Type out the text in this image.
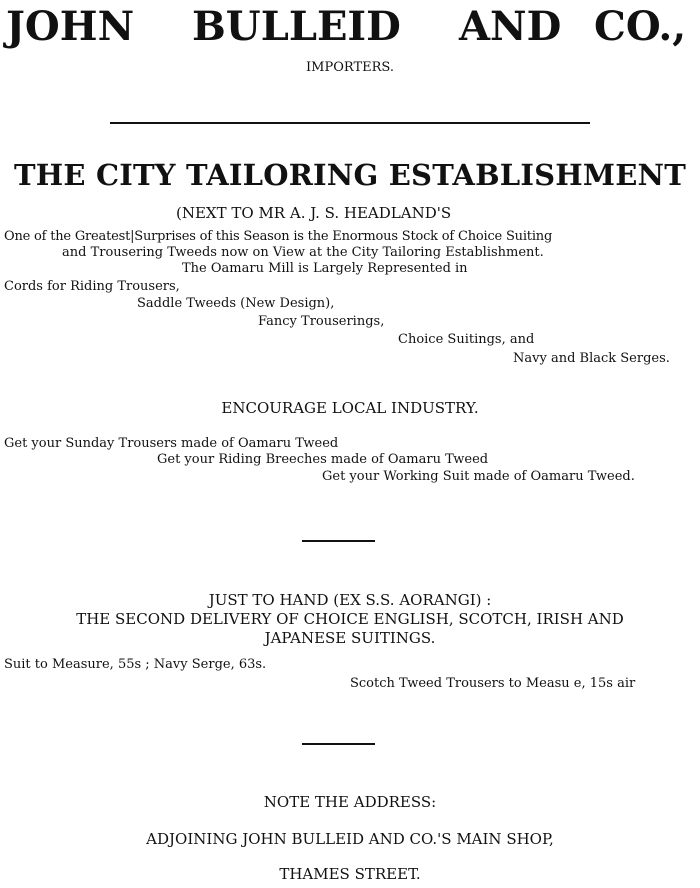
JOHN BULLEID AND CO.,
IMPORTERS.
THE CITY TAILORING ESTABLISHMENT
(NEXT TO MR A. J. S. HEADLAND'S
One of the Greatest|Surprises of this Season is the Enormous Stock of Choice Suiting
and Trousering Tweeds now on View at the City Tailoring Establishment.
The Oamaru Mill is Largely Represented in
Cords for Riding Trousers,
Saddle Tweeds (New Design),
Fancy Trouserings,
Choice Suitings, and
Navy and Black Serges.
ENCOURAGE LOCAL INDUSTRY.
Get your Sunday Trousers made of Oamaru Tweed
Get your Riding Breeches made of Oamaru Tweed
Get your Working Suit made of Oamaru Tweed.
JUST TO HAND (EX S.S. AORANGI) :
THE SECOND DELIVERY OF CHOICE ENGLISH, SCOTCH, IRISH AND
JAPANESE SUITINGS.
Suit to Measure, 55s ; Navy Serge, 63s.
Scotch Tweed Trousers to Measu e, 15s air
NOTE THE ADDRESS:
ADJOINING JOHN BULLEID AND CO.'S MAIN SHOP,
THAMES STREET.
